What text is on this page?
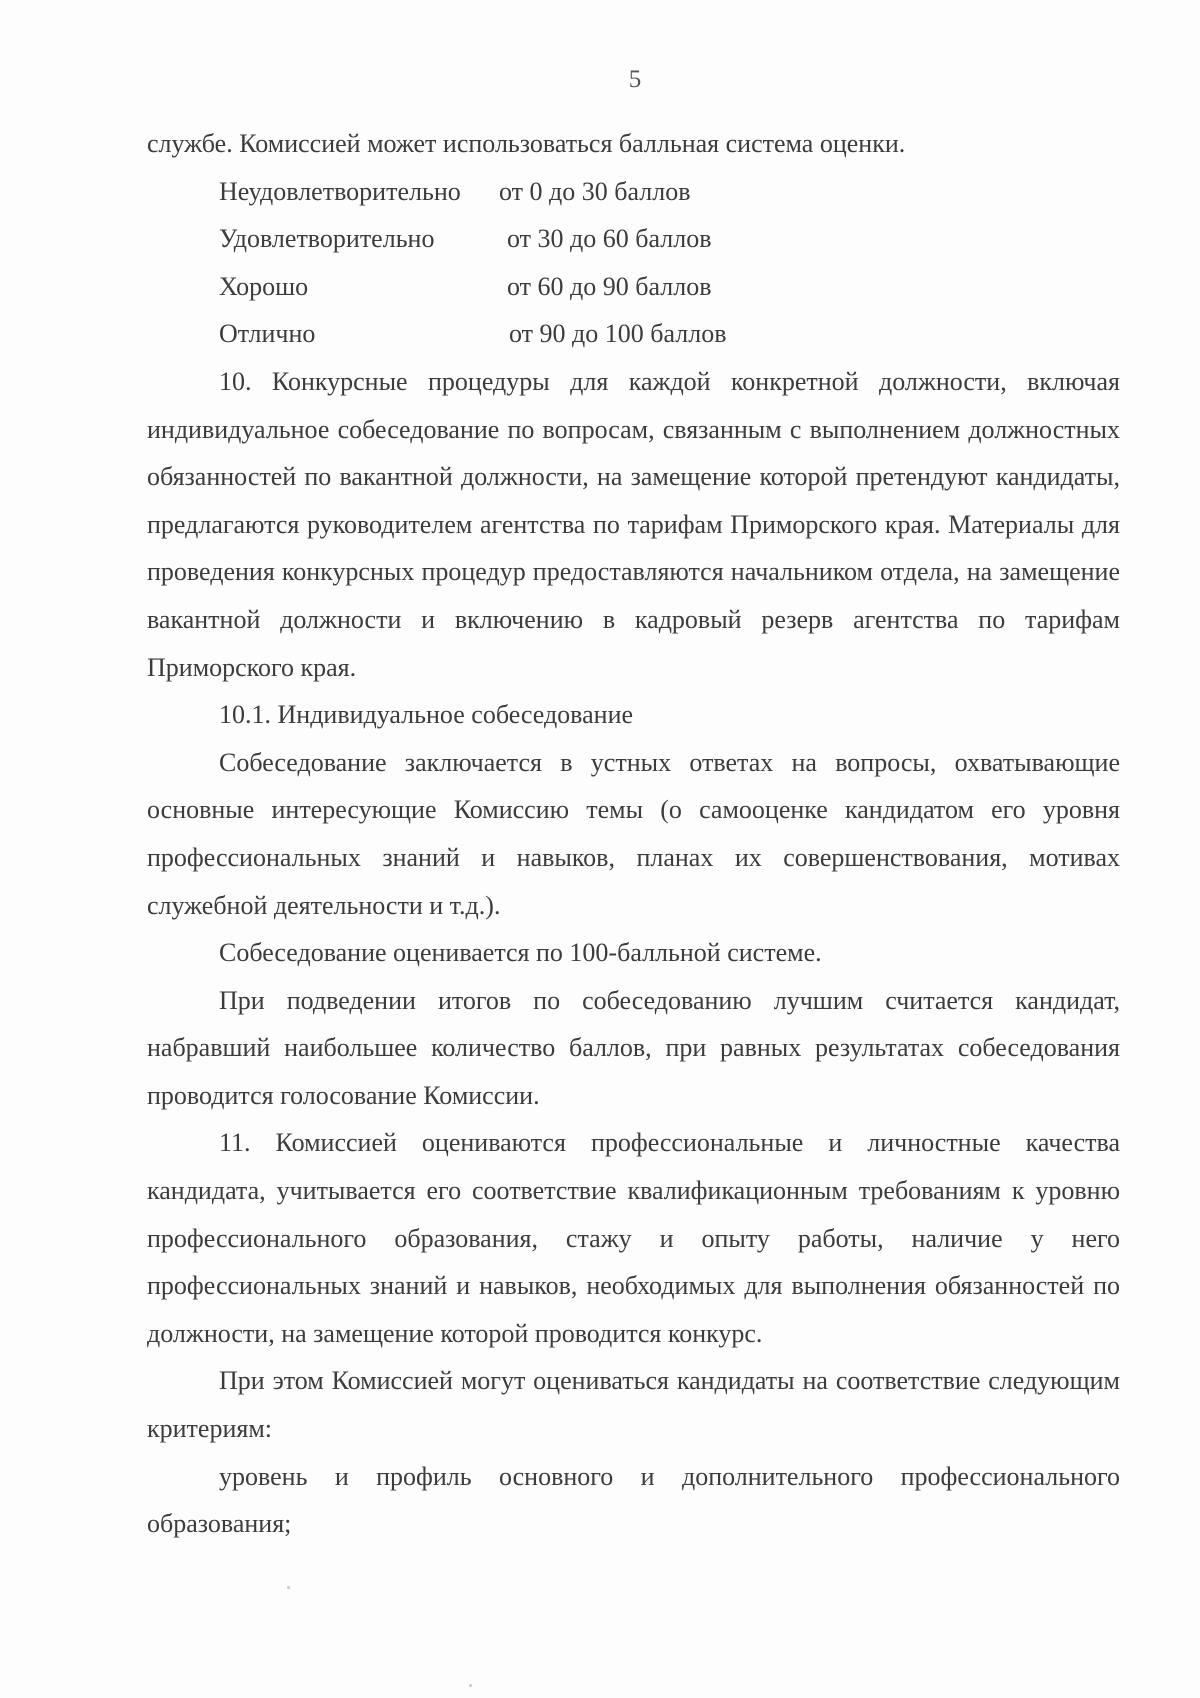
5

службе. Комиссией может использоваться балльная система оценки.

Неудовлетворительно	от 0 до 30 баллов
Удовлетворительно	от 30 до 60 баллов
Хорошо	от 60 до 90 баллов
Отлично	от 90 до 100 баллов

10. Конкурсные процедуры для каждой конкретной должности, включая индивидуальное собеседование по вопросам, связанным с выполнением должностных обязанностей по вакантной должности, на замещение которой претендуют кандидаты, предлагаются руководителем агентства по тарифам Приморского края. Материалы для проведения конкурсных процедур предоставляются начальником отдела, на замещение вакантной должности и включению в кадровый резерв агентства по тарифам Приморского края.

10.1. Индивидуальное собеседование

Собеседование заключается в устных ответах на вопросы, охватывающие основные интересующие Комиссию темы (о самооценке кандидатом его уровня профессиональных знаний и навыков, планах их совершенствования, мотивах служебной деятельности и т.д.).

Собеседование оценивается по 100-балльной системе.

При подведении итогов по собеседованию лучшим считается кандидат, набравший наибольшее количество баллов, при равных результатах собеседования проводится голосование Комиссии.

11. Комиссией оцениваются профессиональные и личностные качества кандидата, учитывается его соответствие квалификационным требованиям к уровню профессионального образования, стажу и опыту работы, наличие у него профессиональных знаний и навыков, необходимых для выполнения обязанностей по должности, на замещение которой проводится конкурс.

При этом Комиссией могут оцениваться кандидаты на соответствие следующим критериям:

уровень и профиль основного и дополнительного профессионального образования;
